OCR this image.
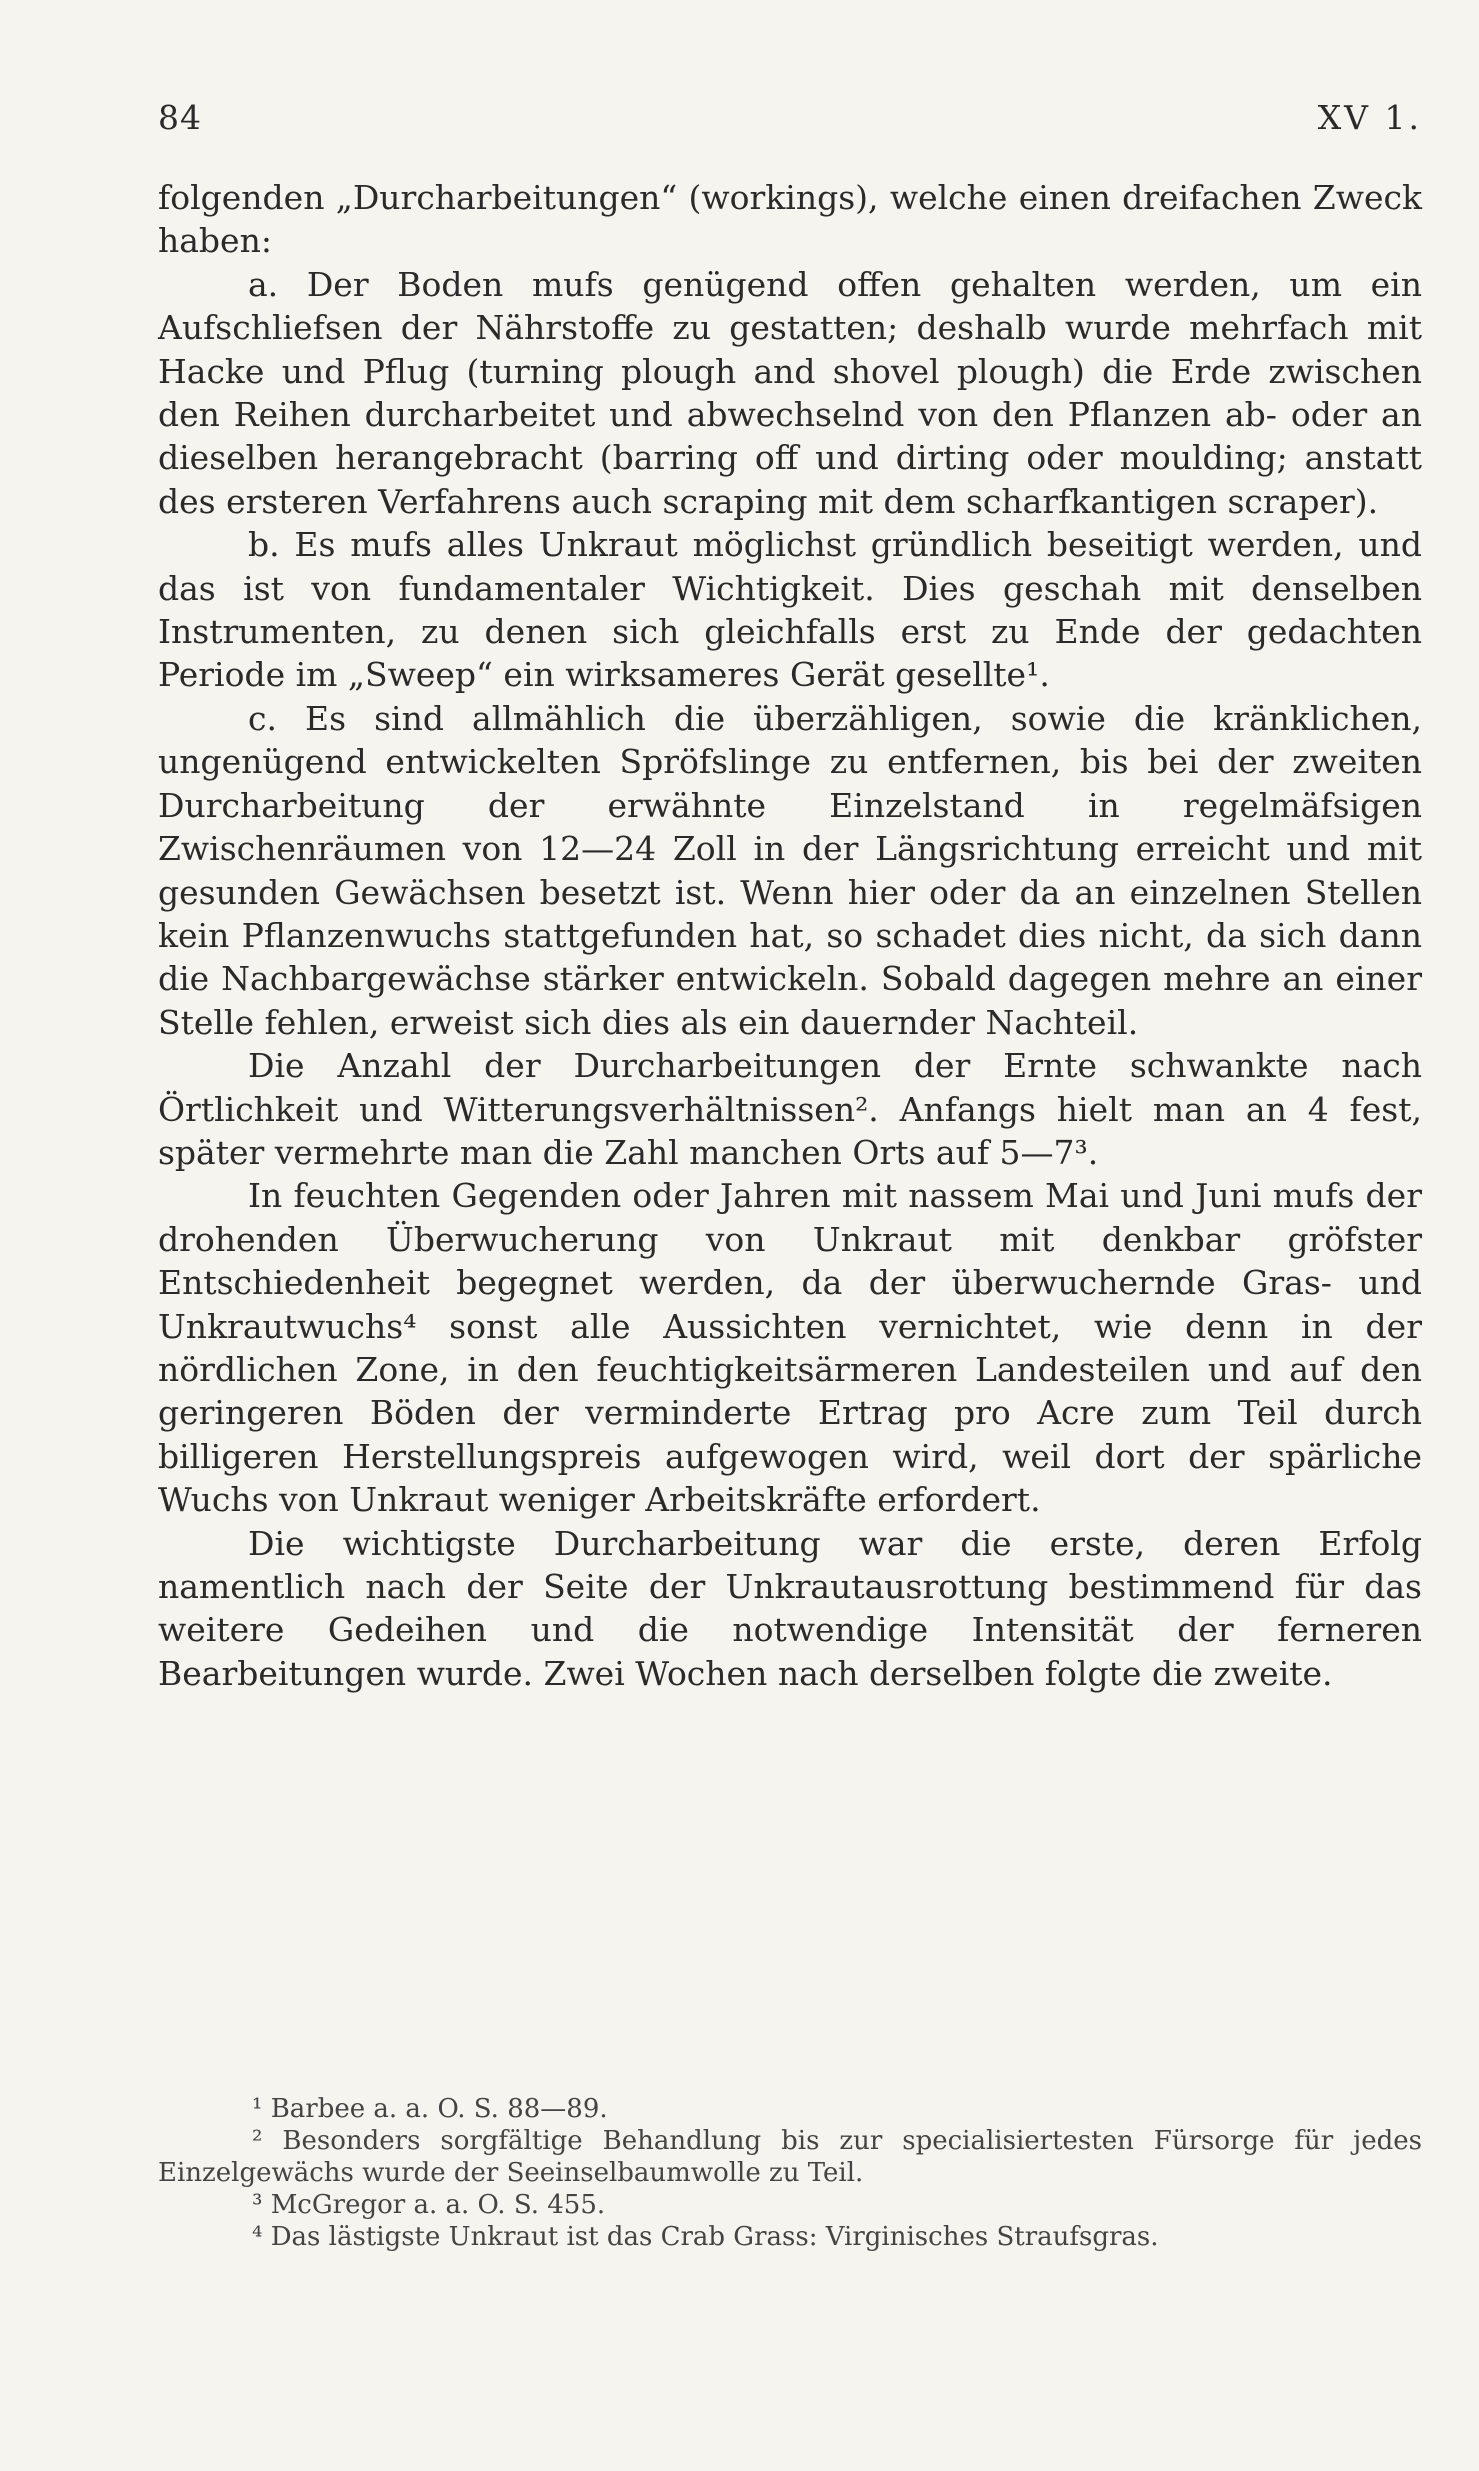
84	XV 1.

folgenden „Durcharbeitungen“ (workings), welche einen dreifachen Zweck haben:

a. Der Boden mufs genügend offen gehalten werden, um ein Aufschliefsen der Nährstoffe zu gestatten; deshalb wurde mehrfach mit Hacke und Pflug (turning plough and shovel plough) die Erde zwischen den Reihen durcharbeitet und abwechselnd von den Pflanzen ab- oder an dieselben herangebracht (barring off und dirting oder moulding; anstatt des ersteren Verfahrens auch scraping mit dem scharfkantigen scraper).

b. Es mufs alles Unkraut möglichst gründlich beseitigt werden, und das ist von fundamentaler Wichtigkeit. Dies geschah mit denselben Instrumenten, zu denen sich gleichfalls erst zu Ende der gedachten Periode im „Sweep“ ein wirksameres Gerät gesellte¹.

c. Es sind allmählich die überzähligen, sowie die kränklichen, ungenügend entwickelten Spröfslinge zu entfernen, bis bei der zweiten Durcharbeitung der erwähnte Einzelstand in regelmäfsigen Zwischenräumen von 12—24 Zoll in der Längsrichtung erreicht und mit gesunden Gewächsen besetzt ist. Wenn hier oder da an einzelnen Stellen kein Pflanzenwuchs stattgefunden hat, so schadet dies nicht, da sich dann die Nachbargewächse stärker entwickeln. Sobald dagegen mehre an einer Stelle fehlen, erweist sich dies als ein dauernder Nachteil.

Die Anzahl der Durcharbeitungen der Ernte schwankte nach Örtlichkeit und Witterungsverhältnissen². Anfangs hielt man an 4 fest, später vermehrte man die Zahl manchen Orts auf 5—7³.

In feuchten Gegenden oder Jahren mit nassem Mai und Juni mufs der drohenden Überwucherung von Unkraut mit denkbar gröfster Entschiedenheit begegnet werden, da der überwuchernde Gras- und Unkrautwuchs⁴ sonst alle Aussichten vernichtet, wie denn in der nördlichen Zone, in den feuchtigkeitsärmeren Landesteilen und auf den geringeren Böden der verminderte Ertrag pro Acre zum Teil durch billigeren Herstellungspreis aufgewogen wird, weil dort der spärliche Wuchs von Unkraut weniger Arbeitskräfte erfordert.

Die wichtigste Durcharbeitung war die erste, deren Erfolg namentlich nach der Seite der Unkrautausrottung bestimmend für das weitere Gedeihen und die notwendige Intensität der ferneren Bearbeitungen wurde. Zwei Wochen nach derselben folgte die zweite.

¹ Barbee a. a. O. S. 88—89.

² Besonders sorgfältige Behandlung bis zur specialisiertesten Fürsorge für jedes Einzelgewächs wurde der Seeinselbaumwolle zu Teil.

³ McGregor a. a. O. S. 455.

⁴ Das lästigste Unkraut ist das Crab Grass: Virginisches Straufsgras.
